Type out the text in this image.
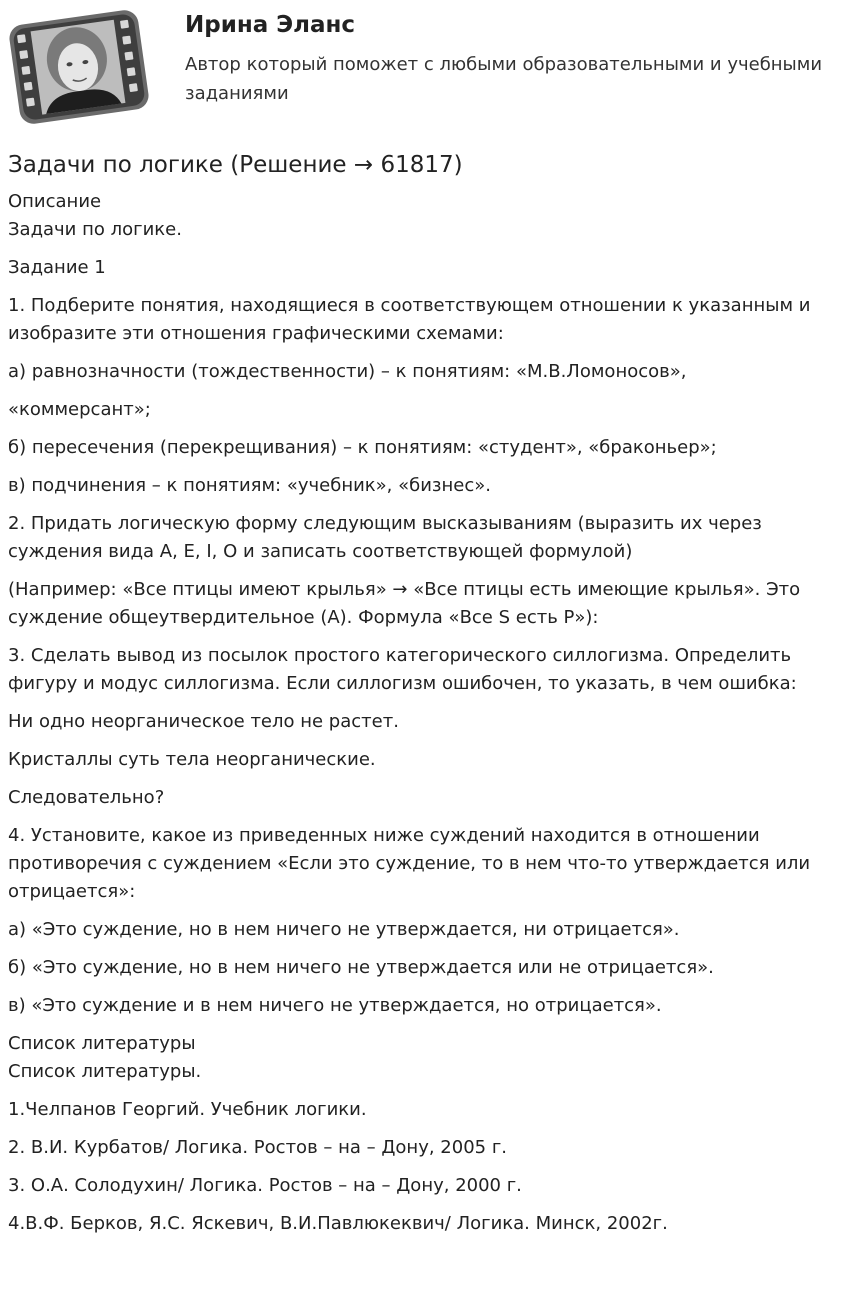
Ирина Эланс
Автор который поможет с любыми образовательными и учебными заданиями
Задачи по логике (Решение → 61817)
Описание

Задачи по логике.

Задание 1

1. Подберите понятия, находящиеся в соответствующем отношении к указанным и изобразите эти отношения графическими схемами:

а) равнозначности (тождественности) – к понятиям: «М.В.Ломоносов»,

«коммерсант»;

б) пересечения (перекрещивания) – к понятиям: «студент», «браконьер»;

в) подчинения – к понятиям: «учебник», «бизнес».

2. Придать логическую форму следующим высказываниям (выразить их через суждения вида А, Е, I, О и записать соответствующей формулой)

(Например: «Все птицы имеют крылья» → «Все птицы есть имеющие крылья». Это суждение общеутвердительное (А). Формула «Все S есть Р»):

3. Сделать вывод из посылок простого категорического силлогизма. Определить фигуру и модус силлогизма. Если силлогизм ошибочен, то указать, в чем ошибка:

Ни одно неорганическое тело не растет.

Кристаллы суть тела неорганические.

Следовательно?

4. Установите, какое из приведенных ниже суждений находится в отношении противоречия с суждением «Если это суждение, то в нем что-то утверждается или отрицается»:

а) «Это суждение, но в нем ничего не утверждается, ни отрицается».

б) «Это суждение, но в нем ничего не утверждается или не отрицается».

в) «Это суждение и в нем ничего не утверждается, но отрицается».

Список литературы

Список литературы.

1.Челпанов Георгий. Учебник логики.

2. В.И. Курбатов/ Логика. Ростов – на – Дону, 2005 г.

3. О.А. Солодухин/ Логика. Ростов – на – Дону, 2000 г.

4.В.Ф. Берков, Я.С. Яскевич, В.И.Павлюкеквич/ Логика. Минск, 2002г.
